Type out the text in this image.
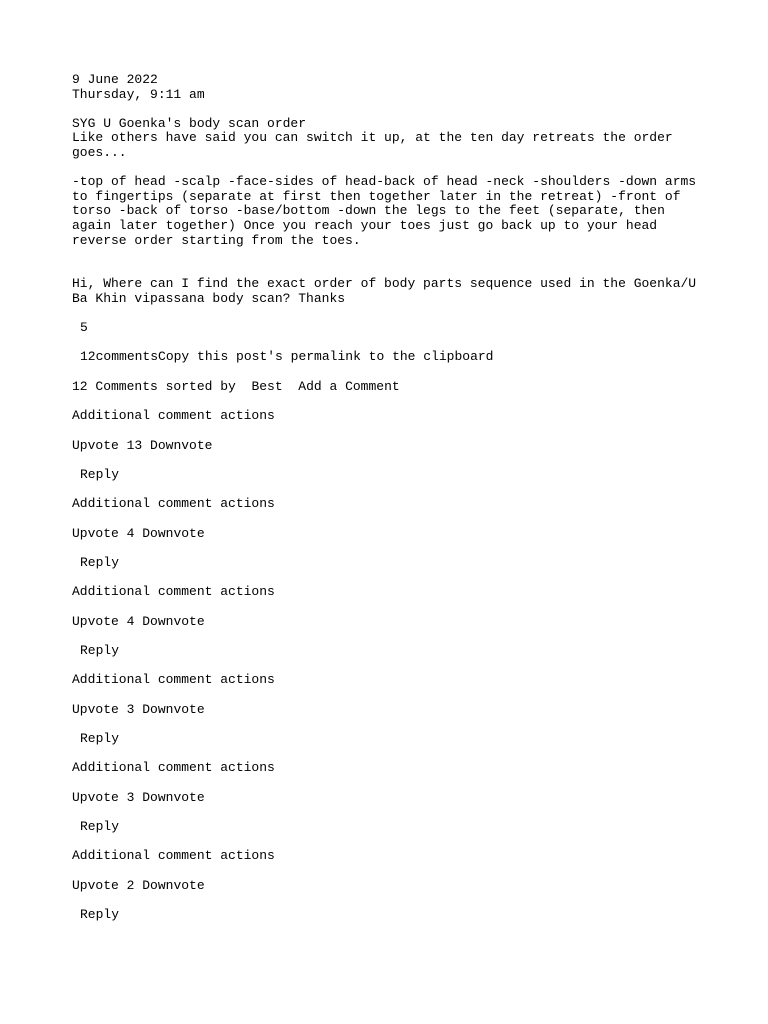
9 June 2022
Thursday, 9:11 am
SYG U Goenka's body scan order

Like others have said you can switch it up, at the ten day retreats the order goes...

-top of head -scalp -face-sides of head-back of head -neck -shoulders -down arms to fingertips (separate at first then together later in the retreat) -front of torso -back of torso -base/bottom -down the legs to the feet (separate, then again later together) Once you reach your toes just go back up to your head reverse order starting from the toes.

Hi, Where can I find the exact order of body parts sequence used in the Goenka/U Ba Khin vipassana body scan? Thanks

5
12commentsCopy this post's permalink to the clipboard
12 Comments sorted by Best Add a Comment
Additional comment actions
Upvote 13 Downvote
Reply
Additional comment actions
Upvote 4 Downvote
Reply
Additional comment actions
Upvote 4 Downvote
Reply
Additional comment actions
Upvote 3 Downvote
Reply
Additional comment actions
Upvote 3 Downvote
Reply
Additional comment actions
Upvote 2 Downvote
Reply
